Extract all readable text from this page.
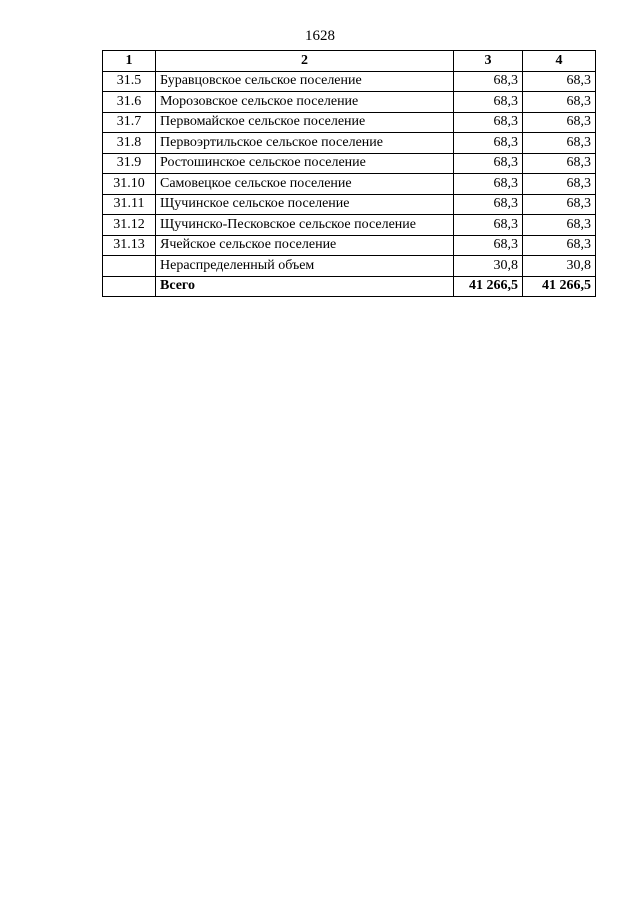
1628
1	2	3	4
31.5	Буравцовское сельское поселение	68,3	68,3
31.6	Морозовское сельское поселение	68,3	68,3
31.7	Первомайское сельское поселение	68,3	68,3
31.8	Первоэртильское сельское поселение	68,3	68,3
31.9	Ростошинское сельское поселение	68,3	68,3
31.10	Самовецкое сельское поселение	68,3	68,3
31.11	Щучинское сельское поселение	68,3	68,3
31.12	Щучинско-Песковское сельское поселение	68,3	68,3
31.13	Ячейское сельское поселение	68,3	68,3
	Нераспределенный объем	30,8	30,8
	Всего	41 266,5	41 266,5
